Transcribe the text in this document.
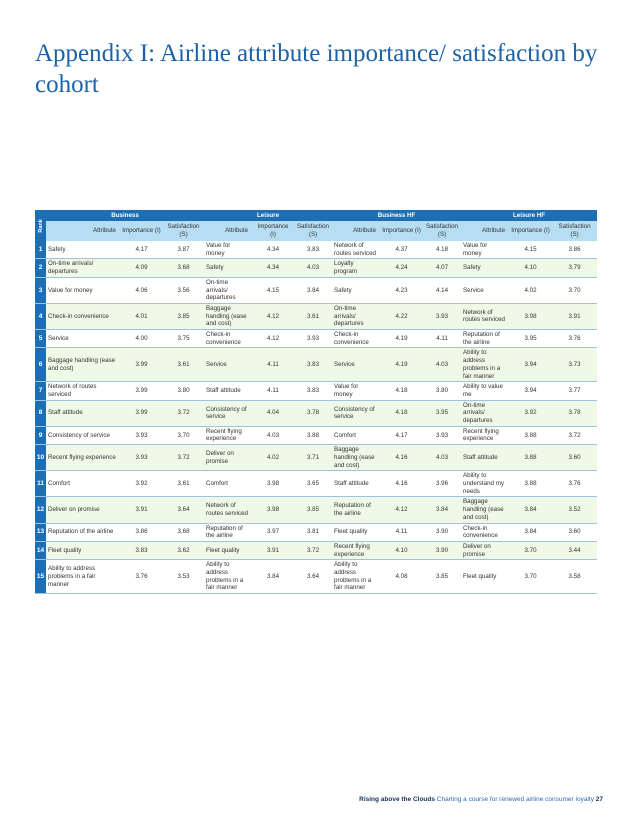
Appendix I: Airline attribute importance/ satisfaction by cohort
Rank	Business			Leisure			Business HF			Leisure HF		
	Attribute	Importance (I)	Satisfaction (S)	Attribute	Importance (I)	Satisfaction (S)	Attribute	Importance (I)	Satisfaction (S)	Attribute	Importance (I)	Satisfaction (S)
1	Safety	4.17	3.87	Value for money	4.34	3.83	Network of routes serviced	4.37	4.18	Value for money	4.15	3.86
2	On-time arrivals/ departures	4.09	3.68	Safety	4.34	4.03	Loyalty program	4.24	4.07	Safety	4.10	3.79
3	Value for money	4.06	3.56	On-time arrivals/ departures	4.15	3.84	Safety	4.23	4.14	Service	4.02	3.70
4	Check-in convenience	4.01	3.85	Baggage handling (ease and cost)	4.12	3.61	On-time arrivals/ departures	4.22	3.93	Network of routes serviced	3.98	3.91
5	Service	4.00	3.75	Check-in convenience	4.12	3.93	Check-in convenience	4.19	4.11	Reputation of the airline	3.95	3.76
6	Baggage handling (ease and cost)	3.99	3.61	Service	4.11	3.83	Service	4.19	4.03	Ability to address problems in a fair manner	3.94	3.73
7	Network of routes serviced	3.99	3.80	Staff attitude	4.11	3.83	Value for money	4.18	3.80	Ability to value me	3.94	3.77
8	Staff attitude	3.99	3.72	Consistency of service	4.04	3.78	Consistency of service	4.18	3.95	On-time arrivals/ departures	3.92	3.78
9	Consistency of service	3.93	3.70	Recent flying experience	4.03	3.88	Comfort	4.17	3.93	Recent flying experience	3.88	3.72
10	Recent flying experience	3.93	3.72	Deliver on promise	4.02	3.71	Baggage handling (ease and cost)	4.16	4.03	Staff attitude	3.88	3.60
11	Comfort	3.92	3.61	Comfort	3.98	3.65	Staff attitude	4.16	3.96	Ability to understand my needs	3.88	3.76
12	Deliver on promise	3.91	3.64	Network of routes serviced	3.98	3.85	Reputation of the airline	4.12	3.84	Baggage handling (ease and cost)	3.84	3.52
13	Reputation of the airline	3.86	3.68	Reputation of the airline	3.97	3.81	Fleet quality	4.11	3.90	Check-in convenience	3.84	3.60
14	Fleet quality	3.83	3.62	Fleet quality	3.91	3.72	Recent flying experience	4.10	3.90	Deliver on promise	3.70	3.44
15	Ability to address problems in a fair manner	3.76	3.53	Ability to address problems in a fair manner	3.84	3.64	Ability to address problems in a fair manner	4.08	3.85	Fleet quality	3.70	3.58
Rising above the Clouds Charting a course for renewed airline consumer loyalty 27
